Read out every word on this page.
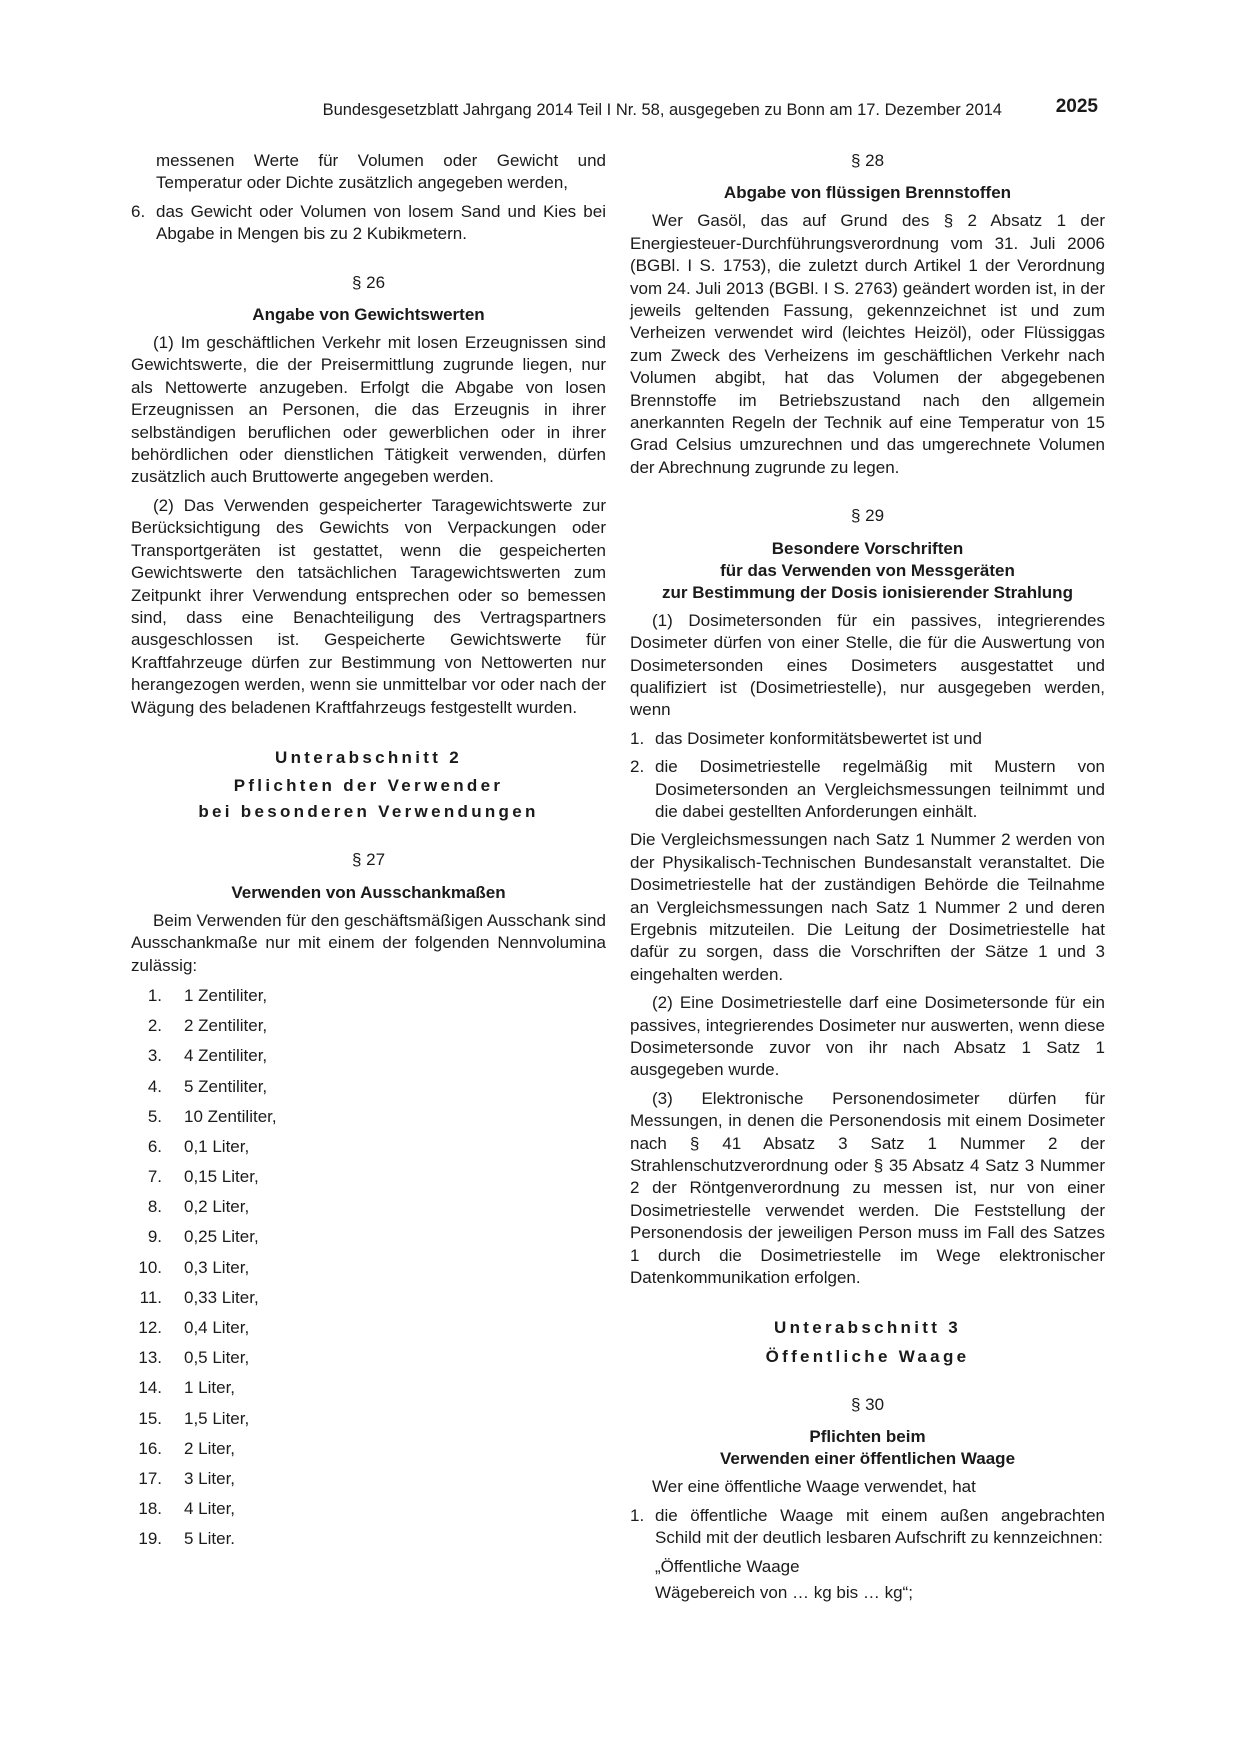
Bundesgesetzblatt Jahrgang 2014 Teil I Nr. 58, ausgegeben zu Bonn am 17. Dezember 2014	2025

messenen Werte für Volumen oder Gewicht und Temperatur oder Dichte zusätzlich angegeben werden,

6. das Gewicht oder Volumen von losem Sand und Kies bei Abgabe in Mengen bis zu 2 Kubikmetern.

§ 26
Angabe von Gewichtswerten

(1) Im geschäftlichen Verkehr mit losen Erzeugnissen sind Gewichtswerte, die der Preisermittlung zugrunde liegen, nur als Nettowerte anzugeben. Erfolgt die Abgabe von losen Erzeugnissen an Personen, die das Erzeugnis in ihrer selbständigen beruflichen oder gewerblichen oder in ihrer behördlichen oder dienstlichen Tätigkeit verwenden, dürfen zusätzlich auch Bruttowerte angegeben werden.

(2) Das Verwenden gespeicherter Taragewichtswerte zur Berücksichtigung des Gewichts von Verpackungen oder Transportgeräten ist gestattet, wenn die gespeicherten Gewichtswerte den tatsächlichen Taragewichtswerten zum Zeitpunkt ihrer Verwendung entsprechen oder so bemessen sind, dass eine Benachteiligung des Vertragspartners ausgeschlossen ist. Gespeicherte Gewichtswerte für Kraftfahrzeuge dürfen zur Bestimmung von Nettowerten nur herangezogen werden, wenn sie unmittelbar vor oder nach der Wägung des beladenen Kraftfahrzeugs festgestellt wurden.

Unterabschnitt 2
Pflichten der Verwender
bei besonderen Verwendungen
§ 27
Verwenden von Ausschankmaßen

Beim Verwenden für den geschäftsmäßigen Ausschank sind Ausschankmaße nur mit einem der folgenden Nennvolumina zulässig:

1. 1 Zentiliter,
2. 2 Zentiliter,
3. 4 Zentiliter,
4. 5 Zentiliter,
5. 10 Zentiliter,
6. 0,1 Liter,
7. 0,15 Liter,
8. 0,2 Liter,
9. 0,25 Liter,
10. 0,3 Liter,
11. 0,33 Liter,
12. 0,4 Liter,
13. 0,5 Liter,
14. 1 Liter,
15. 1,5 Liter,
16. 2 Liter,
17. 3 Liter,
18. 4 Liter,
19. 5 Liter.
§ 28
Abgabe von flüssigen Brennstoffen

Wer Gasöl, das auf Grund des § 2 Absatz 1 der Energiesteuer-Durchführungsverordnung vom 31. Juli 2006 (BGBl. I S. 1753), die zuletzt durch Artikel 1 der Verordnung vom 24. Juli 2013 (BGBl. I S. 2763) geändert worden ist, in der jeweils geltenden Fassung, gekennzeichnet ist und zum Verheizen verwendet wird (leichtes Heizöl), oder Flüssiggas zum Zweck des Verheizens im geschäftlichen Verkehr nach Volumen abgibt, hat das Volumen der abgegebenen Brennstoffe im Betriebszustand nach den allgemein anerkannten Regeln der Technik auf eine Temperatur von 15 Grad Celsius umzurechnen und das umgerechnete Volumen der Abrechnung zugrunde zu legen.

§ 29
Besondere Vorschriften
für das Verwenden von Messgeräten
zur Bestimmung der Dosis ionisierender Strahlung

(1) Dosimetersonden für ein passives, integrierendes Dosimeter dürfen von einer Stelle, die für die Auswertung von Dosimetersonden eines Dosimeters ausgestattet und qualifiziert ist (Dosimetriestelle), nur ausgegeben werden, wenn

1. das Dosimeter konformitätsbewertet ist und

2. die Dosimetriestelle regelmäßig mit Mustern von Dosimetersonden an Vergleichsmessungen teilnimmt und die dabei gestellten Anforderungen einhält.

Die Vergleichsmessungen nach Satz 1 Nummer 2 werden von der Physikalisch-Technischen Bundesanstalt veranstaltet. Die Dosimetriestelle hat der zuständigen Behörde die Teilnahme an Vergleichsmessungen nach Satz 1 Nummer 2 und deren Ergebnis mitzuteilen. Die Leitung der Dosimetriestelle hat dafür zu sorgen, dass die Vorschriften der Sätze 1 und 3 eingehalten werden.

(2) Eine Dosimetriestelle darf eine Dosimetersonde für ein passives, integrierendes Dosimeter nur auswerten, wenn diese Dosimetersonde zuvor von ihr nach Absatz 1 Satz 1 ausgegeben wurde.

(3) Elektronische Personendosimeter dürfen für Messungen, in denen die Personendosis mit einem Dosimeter nach § 41 Absatz 3 Satz 1 Nummer 2 der Strahlenschutzverordnung oder § 35 Absatz 4 Satz 3 Nummer 2 der Röntgenverordnung zu messen ist, nur von einer Dosimetriestelle verwendet werden. Die Feststellung der Personendosis der jeweiligen Person muss im Fall des Satzes 1 durch die Dosimetriestelle im Wege elektronischer Datenkommunikation erfolgen.

Unterabschnitt 3
Öffentliche Waage
§ 30
Pflichten beim
Verwenden einer öffentlichen Waage

Wer eine öffentliche Waage verwendet, hat

1. die öffentliche Waage mit einem außen angebrachten Schild mit der deutlich lesbaren Aufschrift zu kennzeichnen:

„Öffentliche Waage
Wägebereich von … kg bis … kg“;
